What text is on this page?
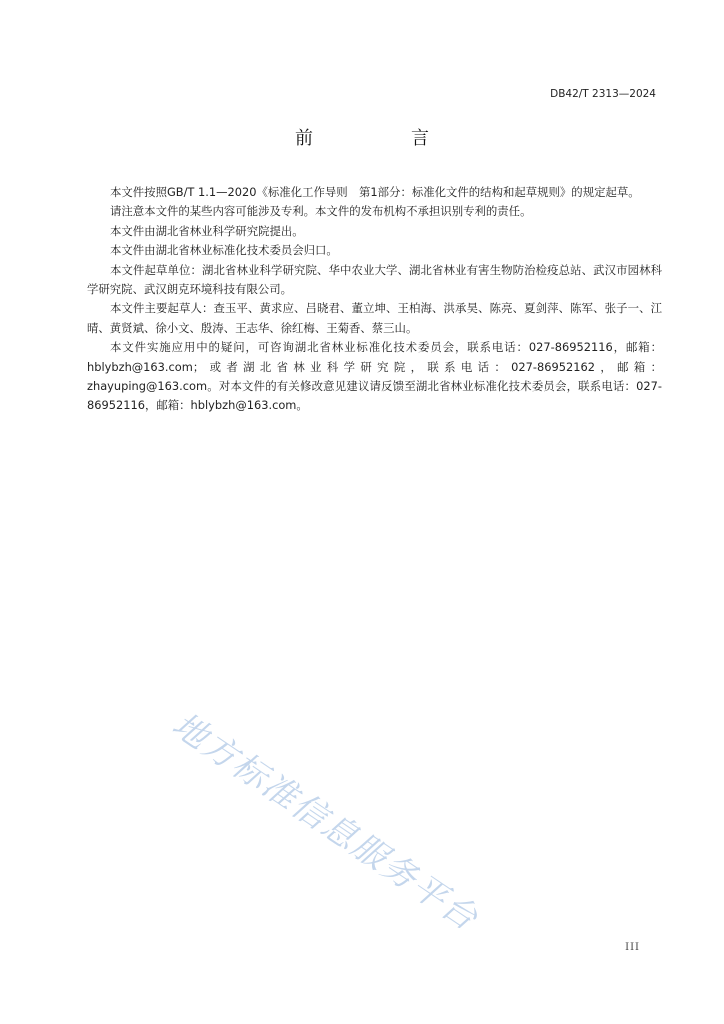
DB42/T 2313—2024
前　言

本文件按照GB/T 1.1—2020《标准化工作导则　第1部分：标准化文件的结构和起草规则》的规定起草。

请注意本文件的某些内容可能涉及专利。本文件的发布机构不承担识别专利的责任。

本文件由湖北省林业科学研究院提出。

本文件由湖北省林业标准化技术委员会归口。

本文件起草单位：湖北省林业科学研究院、华中农业大学、湖北省林业有害生物防治检疫总站、武汉市园林科学研究院、武汉朗克环境科技有限公司。

本文件主要起草人：查玉平、黄求应、吕晓君、董立坤、王柏海、洪承昊、陈亮、夏剑萍、陈军、张子一、江晴、黄贤斌、徐小文、殷涛、王志华、徐红梅、王菊香、蔡三山。

本文件实施应用中的疑问，可咨询湖北省林业标准化技术委员会，联系电话：027-86952116，邮箱：hblybzh@163.com；或者湖北省林业科学研究院，联系电话：027-86952162，邮箱：zhayuping@163.com。对本文件的有关修改意见建议请反馈至湖北省林业标准化技术委员会，联系电话：027-86952116，邮箱：hblybzh@163.com。

地方标准信息服务平台
III
